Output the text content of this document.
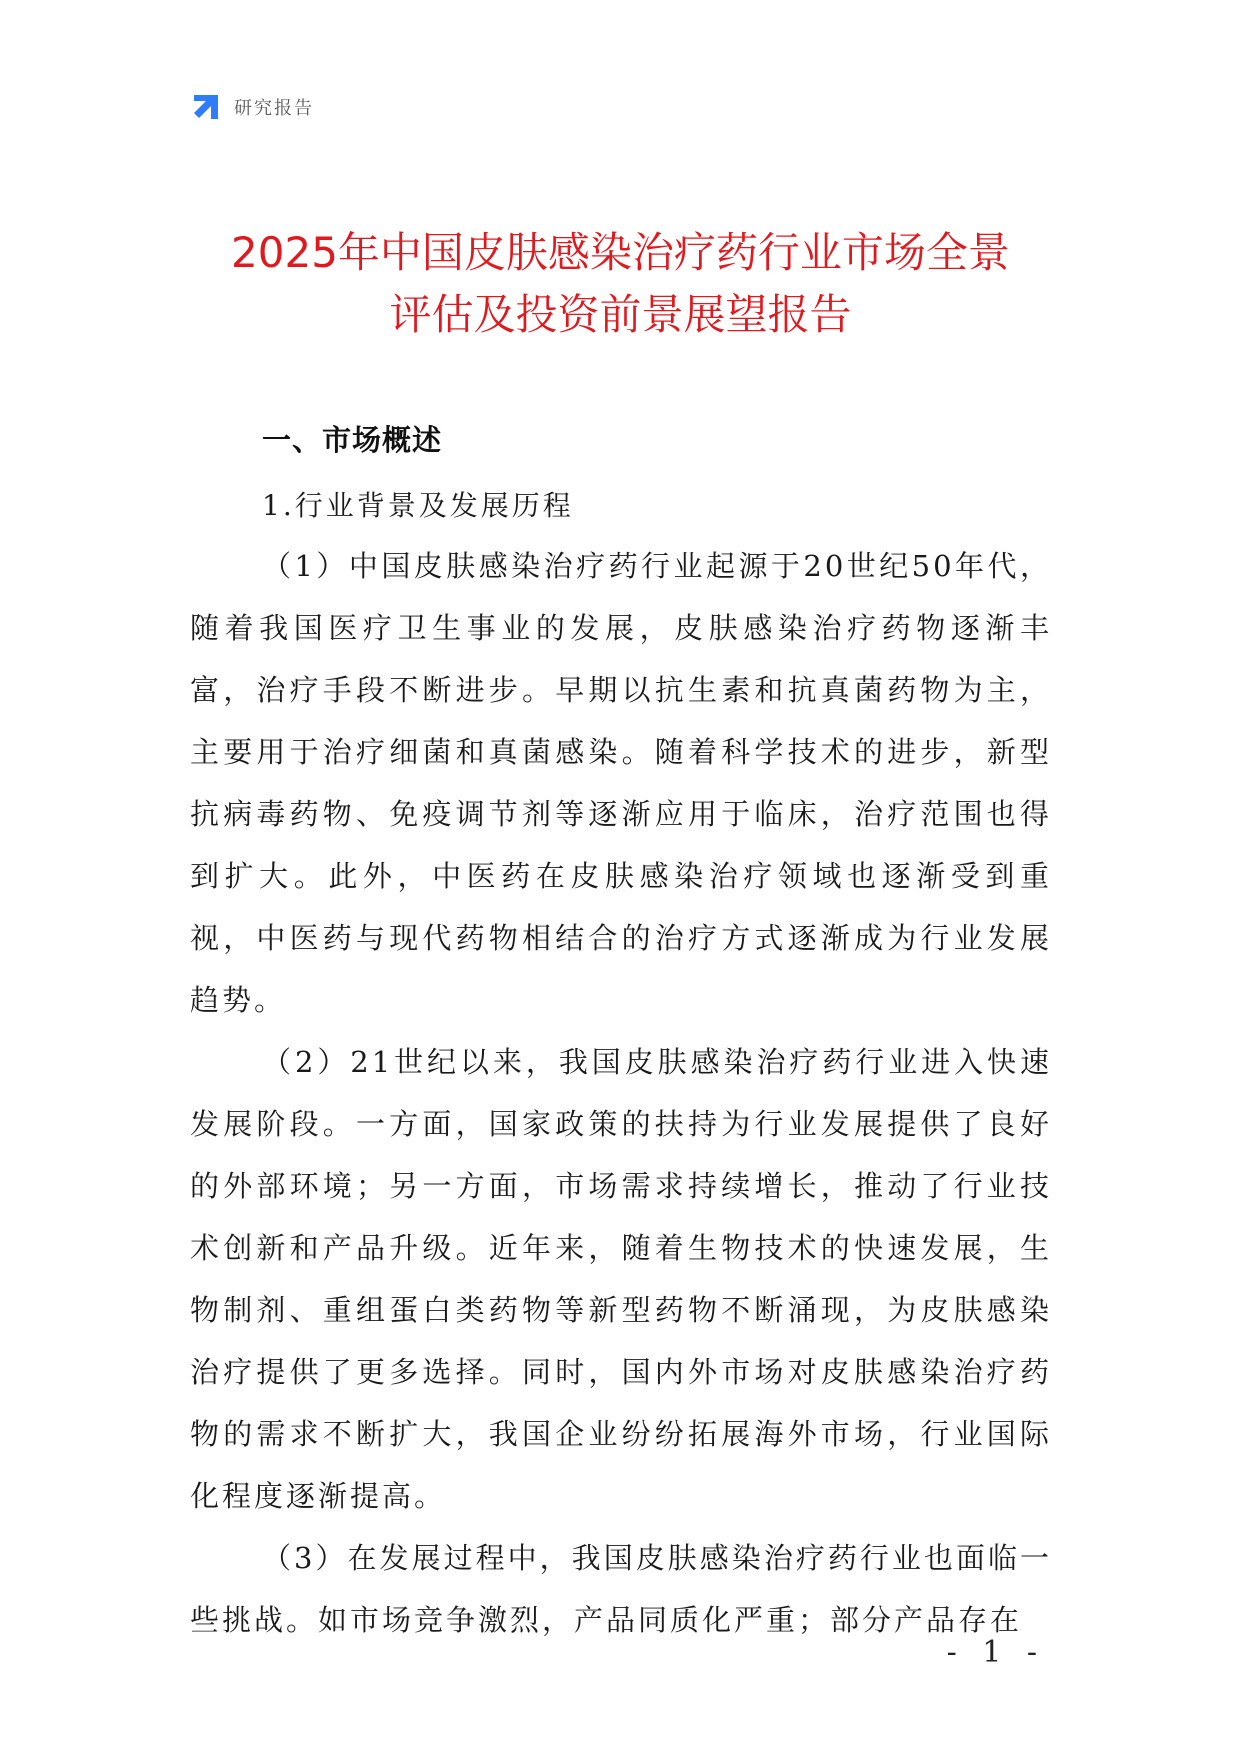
研究报告
2025年中国皮肤感染治疗药行业市场全景
评估及投资前景展望报告
一、市场概述
1.行业背景及发展历程

（1）中国皮肤感染治疗药行业起源于20世纪50年代，随着我国医疗卫生事业的发展，皮肤感染治疗药物逐渐丰富，治疗手段不断进步。早期以抗生素和抗真菌药物为主，主要用于治疗细菌和真菌感染。随着科学技术的进步，新型抗病毒药物、免疫调节剂等逐渐应用于临床，治疗范围也得到扩大。此外，中医药在皮肤感染治疗领域也逐渐受到重视，中医药与现代药物相结合的治疗方式逐渐成为行业发展趋势。

（2）21世纪以来，我国皮肤感染治疗药行业进入快速发展阶段。一方面，国家政策的扶持为行业发展提供了良好的外部环境；另一方面，市场需求持续增长，推动了行业技术创新和产品升级。近年来，随着生物技术的快速发展，生物制剂、重组蛋白类药物等新型药物不断涌现，为皮肤感染治疗提供了更多选择。同时，国内外市场对皮肤感染治疗药物的需求不断扩大，我国企业纷纷拓展海外市场，行业国际化程度逐渐提高。

（3）在发展过程中，我国皮肤感染治疗药行业也面临一些挑战。如市场竞争激烈，产品同质化严重；部分产品存在

- 1 -
